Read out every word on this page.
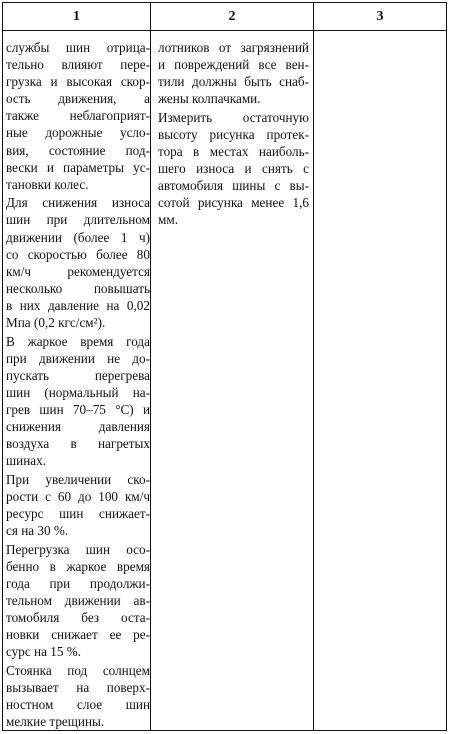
1	2	3
службы шин отрица-
тельно влияют пере-
грузка и высокая скор-
ость движения, а
также неблагоприят-
ные дорожные усло-
вия, состояние под-
вески и параметры ус-
тановки колес.
Для снижения износа
шин при длительном
движении (более 1 ч)
со скоростью более 80
км/ч рекомендуется
несколько повышать
в них давление на 0,02
Мпа (0,2 кгс/см²).
В жаркое время года
при движении не до-
пускать перегрева
шин (нормальный на-
грев шин 70–75 °С) и
снижения давления
воздуха в нагретых
шинах.
При увеличении ско-
рости с 60 до 100 км/ч
ресурс шин снижает-
ся на 30 %.
Перегрузка шин осо-
бенно в жаркое время
года при продолжи-
тельном движении ав-
томобиля без оста-
новки снижает ее ре-
сурс на 15 %.
Стоянка под солнцем
вызывает на поверх-
ностном слое шин
мелкие трещины.
лотников от загрязнений
и повреждений все вен-
тили должны быть снаб-
жены колпачками.
Измерить остаточную
высоту рисунка протек-
тора в местах наиболь-
шего износа и снять с
автомобиля шины с вы-
сотой рисунка менее 1,6
мм.
